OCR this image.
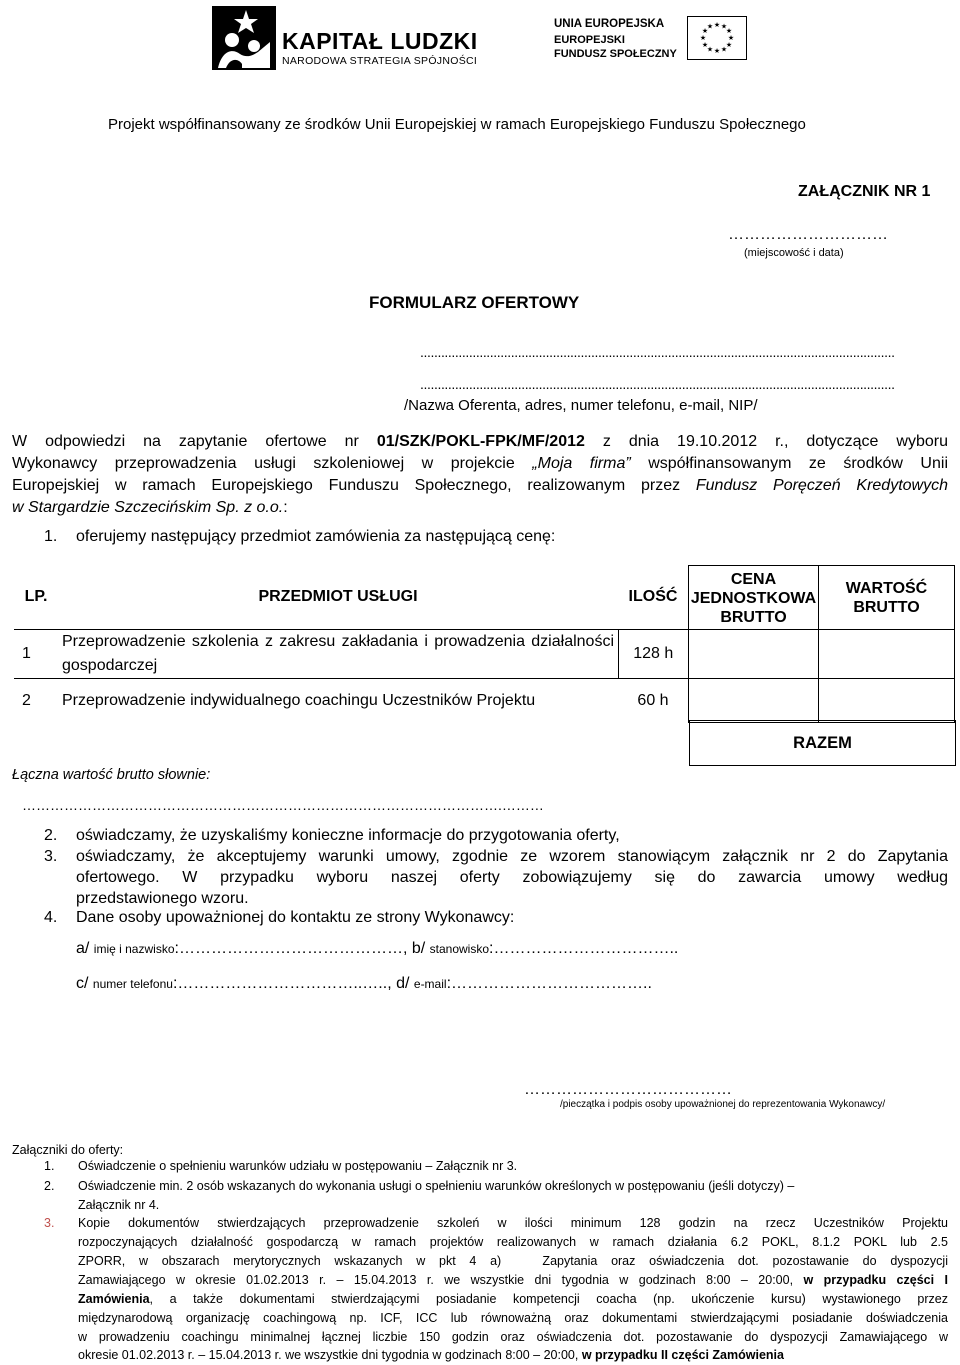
KAPITAŁ LUDZKI
NARODOWA STRATEGIA SPÓJNOŚCI
UNIA EUROPEJSKA
EUROPEJSKI
FUNDUSZ SPOŁECZNY
★ ★
★
★
★
★
★
★
★
★
★
★
Projekt współfinansowany ze środków Unii Europejskiej w ramach Europejskiego Funduszu Społecznego
ZAŁĄCZNIK NR 1
…………………………
(miejscowość i data)
FORMULARZ OFERTOWY
........................................................................................................................................
........................................................................................................................................
/Nazwa Oferenta, adres, numer telefonu, e-mail, NIP/
W odpowiedzi na zapytanie ofertowe nr 01/SZK/POKL-FPK/MF/2012 z dnia 19.10.2012 r., dotyczące wyboru
Wykonawcy przeprowadzenia usługi szkoleniowej w projekcie „Moja firma” współfinansowanym ze środków Unii
Europejskiej w ramach Europejskiego Funduszu Społecznego, realizowanym przez Fundusz Poręczeń Kredytowych
w Stargardzie Szczecińskim Sp. z o.o.:
1. oferujemy następujący przedmiot zamówienia za następującą cenę:
LP.	PRZEDMIOT USŁUGI	ILOŚĆ	CENA JEDNOSTKOWA BRUTTO	WARTOŚĆ BRUTTO
1	Przeprowadzenie szkolenia z zakresu zakładania i prowadzenia działalności gospodarczej	128 h		
2	Przeprowadzenie indywidualnego coachingu Uczestników Projektu	60 h		
RAZEM
Łączna wartość brutto słownie:
………………………………………………………………………………………….………
2. oświadczamy, że uzyskaliśmy konieczne informacje do przygotowania oferty,
3. oświadczamy, że akceptujemy warunki umowy, zgodnie ze wzorem stanowiącym załącznik nr 2 do Zapytania
ofertowego. W przypadku wyboru naszej oferty zobowiązujemy się do zawarcia umowy według
przedstawionego wzoru.
4. Dane osoby upoważnionej do kontaktu ze strony Wykonawcy:
a/ imię i nazwisko:……………………………………, b/ stanowisko:……………………………..
c/ numer telefonu:……………………………..….., d/ e-mail:………………………………..
…………………………………
/pieczątka i podpis osoby upoważnionej do reprezentowania Wykonawcy/
Załączniki do oferty:
1. Oświadczenie o spełnieniu warunków udziału w postępowaniu – Załącznik nr 3.
2. Oświadczenie min. 2 osób wskazanych do wykonania usługi o spełnieniu warunków określonych w postępowaniu (jeśli dotyczy) –
Załącznik nr 4.
3. Kopie dokumentów stwierdzających przeprowadzenie szkoleń w ilości minimum 128 godzin na rzecz Uczestników Projektu
rozpoczynających działalność gospodarczą w ramach projektów realizowanych w ramach działania 6.2 POKL, 8.1.2 POKL lub 2.5
ZPORR, w obszarach merytorycznych wskazanych w pkt 4 a)   Zapytania oraz oświadczenia dot. pozostawanie do dyspozycji
Zamawiającego w okresie 01.02.2013 r. – 15.04.2013 r. we wszystkie dni tygodnia w godzinach 8:00 – 20:00, w przypadku części I
Zamówienia, a także dokumentami stwierdzającymi posiadanie kompetencji coacha (np. ukończenie kursu) wystawionego przez
międzynarodową organizację coachingową np. ICF, ICC lub równoważną oraz dokumentami stwierdzającymi posiadanie doświadczenia
w prowadzeniu coachingu minimalnej łącznej liczbie 150 godzin oraz oświadczenia dot. pozostawanie do dyspozycji Zamawiającego w
okresie 01.02.2013 r. – 15.04.2013 r. we wszystkie dni tygodnia w godzinach 8:00 – 20:00, w przypadku II części Zamówienia
